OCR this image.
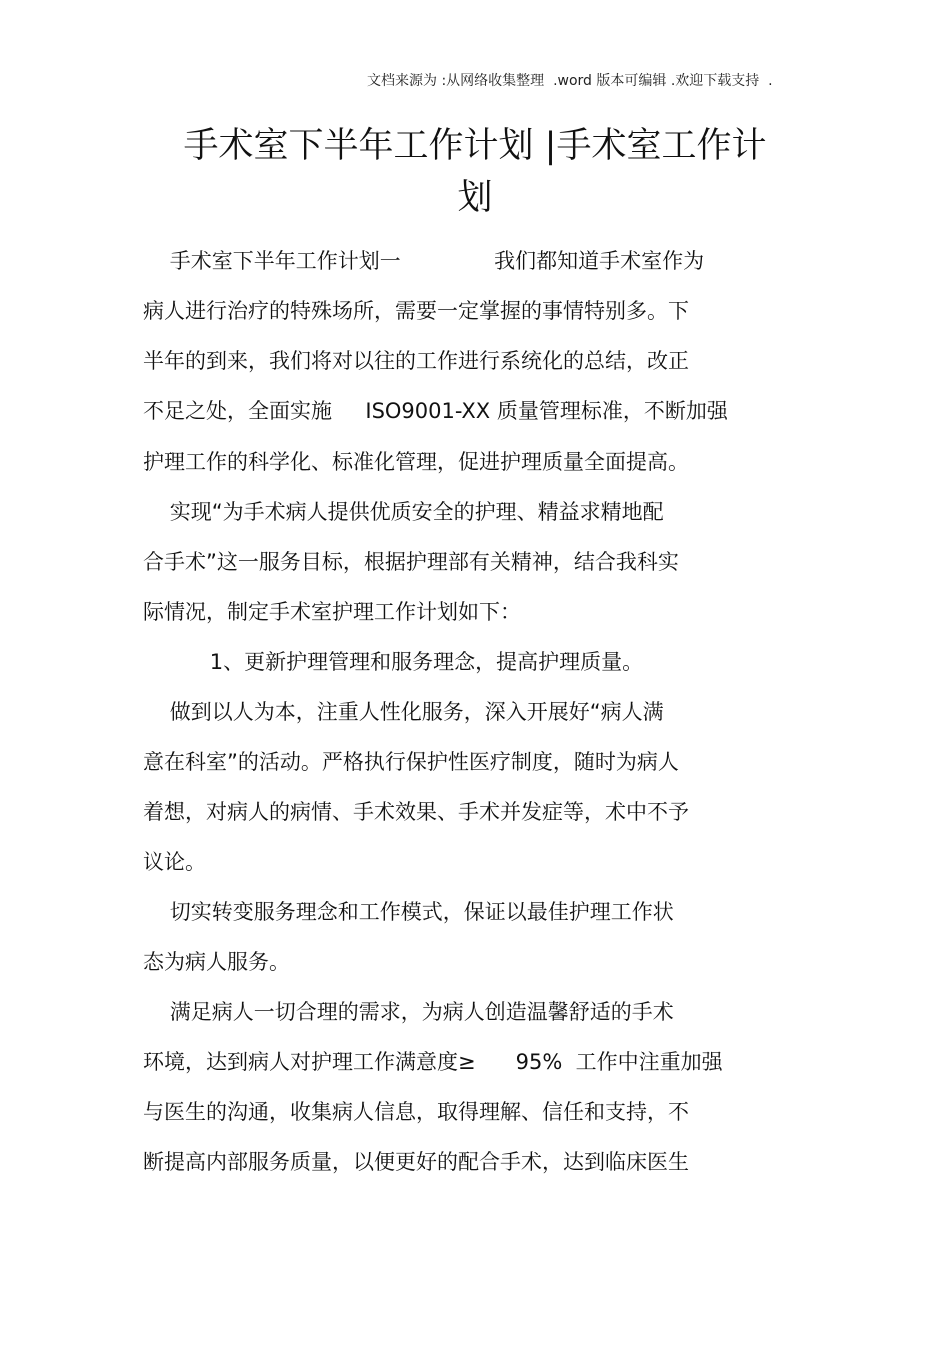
文档来源为 :从网络收集整理  .word 版本可编辑 .欢迎下载支持  .
手术室下半年工作计划 |手术室工作计
划
手术室下半年工作计划一              我们都知道手术室作为
病人进行治疗的特殊场所，需要一定掌握的事情特别多。下
半年的到来，我们将对以往的工作进行系统化的总结，改正
不足之处，全面实施     ISO9001-XX 质量管理标准，不断加强
护理工作的科学化、标准化管理，促进护理质量全面提高。
实现“为手术病人提供优质安全的护理、精益求精地配
合手术”这一服务目标，根据护理部有关精神，结合我科实
际情况，制定手术室护理工作计划如下：
1、更新护理管理和服务理念，提高护理质量。
做到以人为本，注重人性化服务，深入开展好“病人满
意在科室”的活动。严格执行保护性医疗制度，随时为病人
着想，对病人的病情、手术效果、手术并发症等，术中不予
议论。
切实转变服务理念和工作模式，保证以最佳护理工作状
态为病人服务。
满足病人一切合理的需求，为病人创造温馨舒适的手术
环境，达到病人对护理工作满意度≥      95%  工作中注重加强
与医生的沟通，收集病人信息，取得理解、信任和支持，不
断提高内部服务质量，以便更好的配合手术，达到临床医生
